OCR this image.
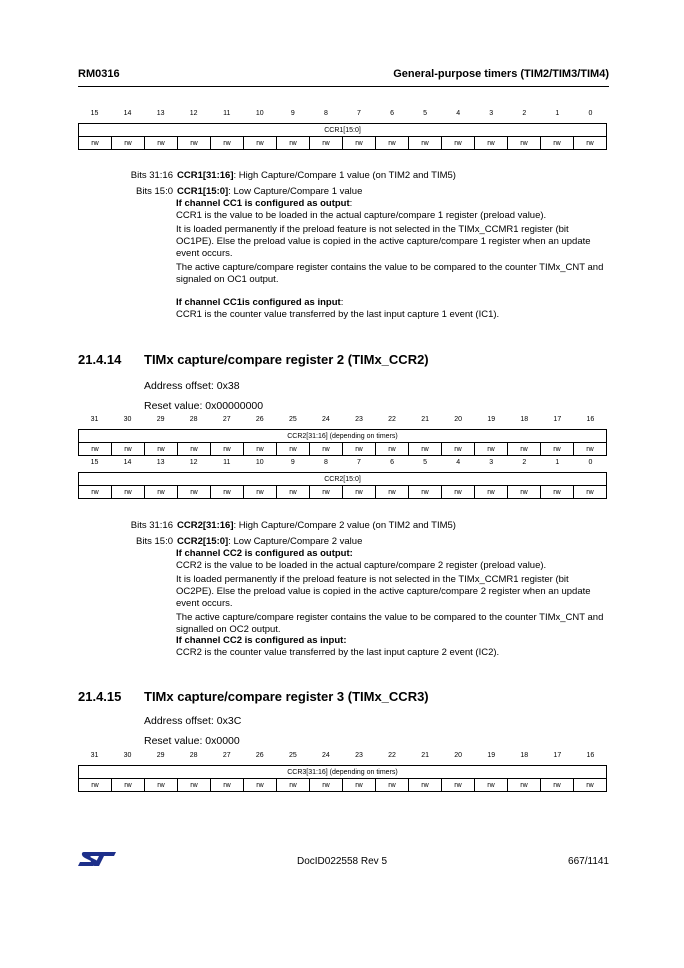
RM0316	General-purpose timers (TIM2/TIM3/TIM4)
15	14	13	12	11	10	9	8	7	6	5	4	3	2	1	0
CCR1[15:0]
rw	rw	rw	rw	rw	rw	rw	rw	rw	rw	rw	rw	rw	rw	rw	rw
Bits 31:16 CCR1[31:16]: High Capture/Compare 1 value (on TIM2 and TIM5)

Bits 15:0 CCR1[15:0]: Low Capture/Compare 1 value

If channel CC1 is configured as output:

CCR1 is the value to be loaded in the actual capture/compare 1 register (preload value).

It is loaded permanently if the preload feature is not selected in the TIMx_CCMR1 register (bit OC1PE). Else the preload value is copied in the active capture/compare 1 register when an update event occurs.

The active capture/compare register contains the value to be compared to the counter TIMx_CNT and signaled on OC1 output.

If channel CC1is configured as input:

CCR1 is the counter value transferred by the last input capture 1 event (IC1).

21.4.14 TIMx capture/compare register 2 (TIMx_CCR2)
Address offset: 0x38
Reset value: 0x00000000
31	30	29	28	27	26	25	24	23	22	21	20	19	18	17	16
CCR2[31:16] (depending on timers)
rw	rw	rw	rw	rw	rw	rw	rw	rw	rw	rw	rw	rw	rw	rw	rw
15	14	13	12	11	10	9	8	7	6	5	4	3	2	1	0
CCR2[15:0]
rw	rw	rw	rw	rw	rw	rw	rw	rw	rw	rw	rw	rw	rw	rw	rw
Bits 31:16 CCR2[31:16]: High Capture/Compare 2 value (on TIM2 and TIM5)

Bits 15:0 CCR2[15:0]: Low Capture/Compare 2 value

If channel CC2 is configured as output:

CCR2 is the value to be loaded in the actual capture/compare 2 register (preload value).

It is loaded permanently if the preload feature is not selected in the TIMx_CCMR1 register (bit OC2PE). Else the preload value is copied in the active capture/compare 2 register when an update event occurs.

The active capture/compare register contains the value to be compared to the counter TIMx_CNT and signalled on OC2 output.

If channel CC2 is configured as input:

CCR2 is the counter value transferred by the last input capture 2 event (IC2).

21.4.15 TIMx capture/compare register 3 (TIMx_CCR3)
Address offset: 0x3C
Reset value: 0x0000
31	30	29	28	27	26	25	24	23	22	21	20	19	18	17	16
CCR3[31:16] (depending on timers)
rw	rw	rw	rw	rw	rw	rw	rw	rw	rw	rw	rw	rw	rw	rw	rw
DocID022558 Rev 5	667/1141
